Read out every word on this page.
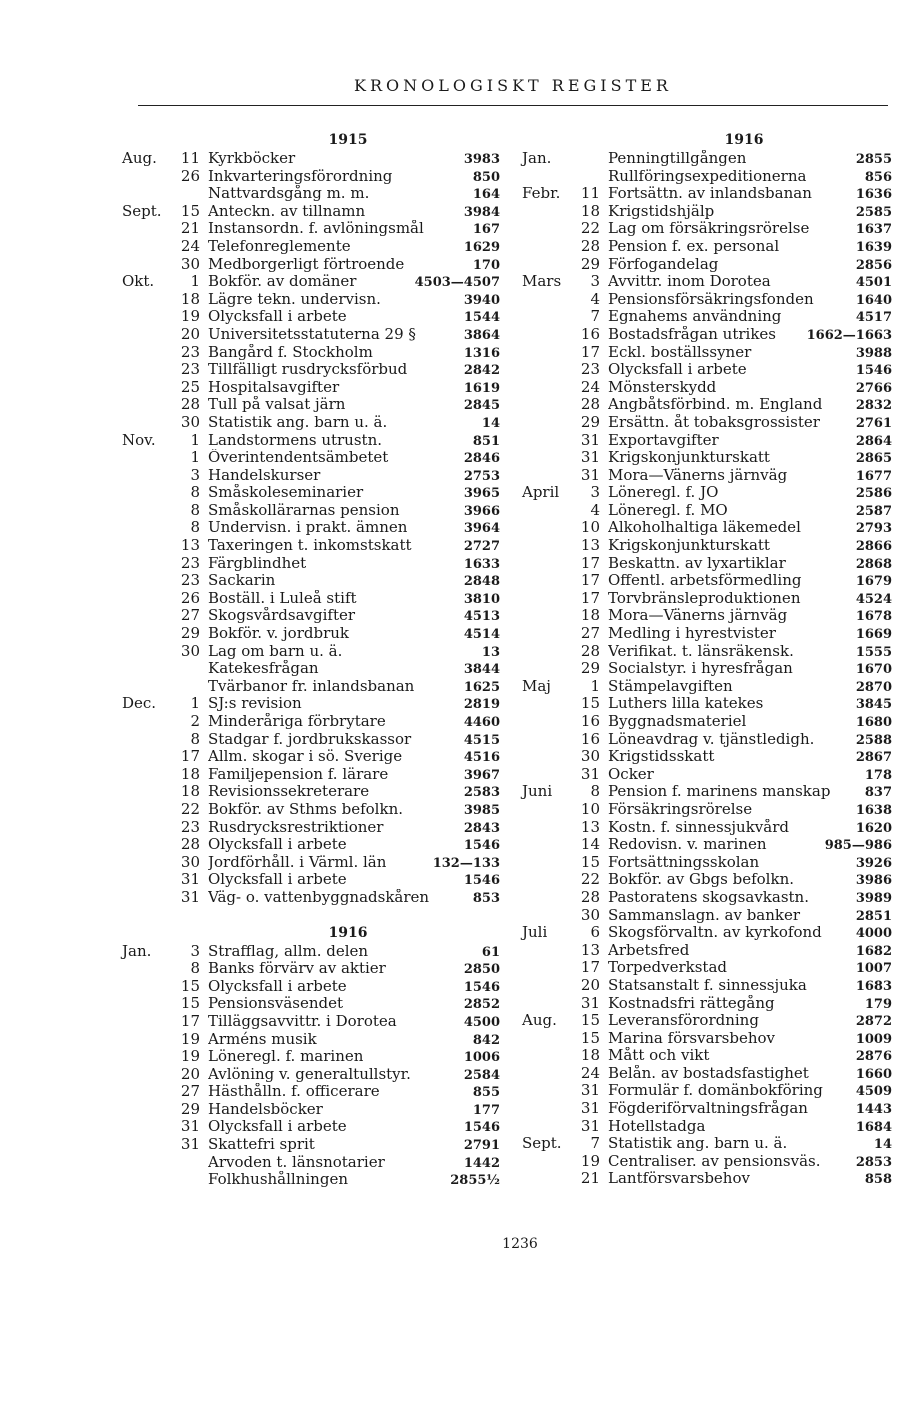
KRONOLOGISKT REGISTER
1915
Aug.	11 Kyrkböcker	3983
26 Inkvarteringsförordning	850
Nattvardsgång m. m.	164
Sept.	15 Anteckn. av tillnamn	3984
21 Instansordn. f. avlöningsmål	167
24 Telefonreglemente	1629
30 Medborgerligt förtroende	170
Okt.	1 Bokför. av domäner	4503—4507
18 Lägre tekn. undervisn.	3940
19 Olycksfall i arbete	1544
20 Universitetsstatuterna 29 §	3864
23 Bangård f. Stockholm	1316
23 Tillfälligt rusdrycksförbud	2842
25 Hospitalsavgifter	1619
28 Tull på valsat järn	2845
30 Statistik ang. barn u. ä.	14
Nov.	1 Landstormens utrustn.	851
1 Överintendentsämbetet	2846
3 Handelskurser	2753
8 Småskoleseminarier	3965
8 Småskollärarnas pension	3966
8 Undervisn. i prakt. ämnen	3964
13 Taxeringen t. inkomstskatt	2727
23 Färgblindhet	1633
23 Sackarin	2848
26 Boställ. i Luleå stift	3810
27 Skogsvårdsavgifter	4513
29 Bokför. v. jordbruk	4514
30 Lag om barn u. ä.	13
Katekesfrågan	3844
Tvärbanor fr. inlandsbanan	1625
Dec.	1 SJ:s revision	2819
2 Minderåriga förbrytare	4460
8 Stadgar f. jordbrukskassor	4515
17 Allm. skogar i sö. Sverige	4516
18 Familjepension f. lärare	3967
18 Revisionssekreterare	2583
22 Bokför. av Sthms befolkn.	3985
23 Rusdrycksrestriktioner	2843
28 Olycksfall i arbete	1546
30 Jordförhåll. i Värml. län	132—133
31 Olycksfall i arbete	1546
31 Väg- o. vattenbyggnadskåren	853
1916
Jan.	3 Strafflag, allm. delen	61
8 Banks förvärv av aktier	2850
15 Olycksfall i arbete	1546
15 Pensionsväsendet	2852
17 Tilläggsavvittr. i Dorotea	4500
19 Arméns musik	842
19 Löneregl. f. marinen	1006
20 Avlöning v. generaltullstyr.	2584
27 Hästhålln. f. officerare	855
29 Handelsböcker	177
31 Olycksfall i arbete	1546
31 Skattefri sprit	2791
Arvoden t. länsnotarier	1442
Folkhushållningen	2855½
1916
Jan.	Penningtillgången	2855
Rullföringsexpeditionerna	856
Febr.	11 Fortsättn. av inlandsbanan	1636
18 Krigstidshjälp	2585
22 Lag om försäkringsrörelse	1637
28 Pension f. ex. personal	1639
29 Förfogandelag	2856
Mars	3 Avvittr. inom Dorotea	4501
4 Pensionsförsäkringsfonden	1640
7 Egnahems användning	4517
16 Bostadsfrågan utrikes	1662—1663
17 Eckl. boställssyner	3988
23 Olycksfall i arbete	1546
24 Mönsterskydd	2766
28 Angbåtsförbind. m. England	2832
29 Ersättn. åt tobaksgrossister	2761
31 Exportavgifter	2864
31 Krigskonjunkturskatt	2865
31 Mora—Vänerns järnväg	1677
April	3 Löneregl. f. JO	2586
4 Löneregl. f. MO	2587
10 Alkoholhaltiga läkemedel	2793
13 Krigskonjunkturskatt	2866
17 Beskattn. av lyxartiklar	2868
17 Offentl. arbetsförmedling	1679
17 Torvbränsleproduktionen	4524
18 Mora—Vänerns järnväg	1678
27 Medling i hyrestvister	1669
28 Verifikat. t. länsräkensk.	1555
29 Socialstyr. i hyresfrågan	1670
Maj	1 Stämpelavgiften	2870
15 Luthers lilla katekes	3845
16 Byggnadsmateriel	1680
16 Löneavdrag v. tjänstledigh.	2588
30 Krigstidsskatt	2867
31 Ocker	178
Juni	8 Pension f. marinens manskap	837
10 Försäkringsrörelse	1638
13 Kostn. f. sinnessjukvård	1620
14 Redovisn. v. marinen	985—986
15 Fortsättningsskolan	3926
22 Bokför. av Gbgs befolkn.	3986
28 Pastoratens skogsavkastn.	3989
30 Sammanslagn. av banker	2851
Juli	6 Skogsförvaltn. av kyrkofond	4000
13 Arbetsfred	1682
17 Torpedverkstad	1007
20 Statsanstalt f. sinnessjuka	1683
31 Kostnadsfri rättegång	179
Aug.	15 Leveransförordning	2872
15 Marina försvarsbehov	1009
18 Mått och vikt	2876
24 Belån. av bostadsfastighet	1660
31 Formulär f. domänbokföring	4509
31 Fögderiförvaltningsfrågan	1443
31 Hotellstadga	1684
Sept.	7 Statistik ang. barn u. ä.	14
19 Centraliser. av pensionsväs.	2853
21 Lantförsvarsbehov	858
1236
